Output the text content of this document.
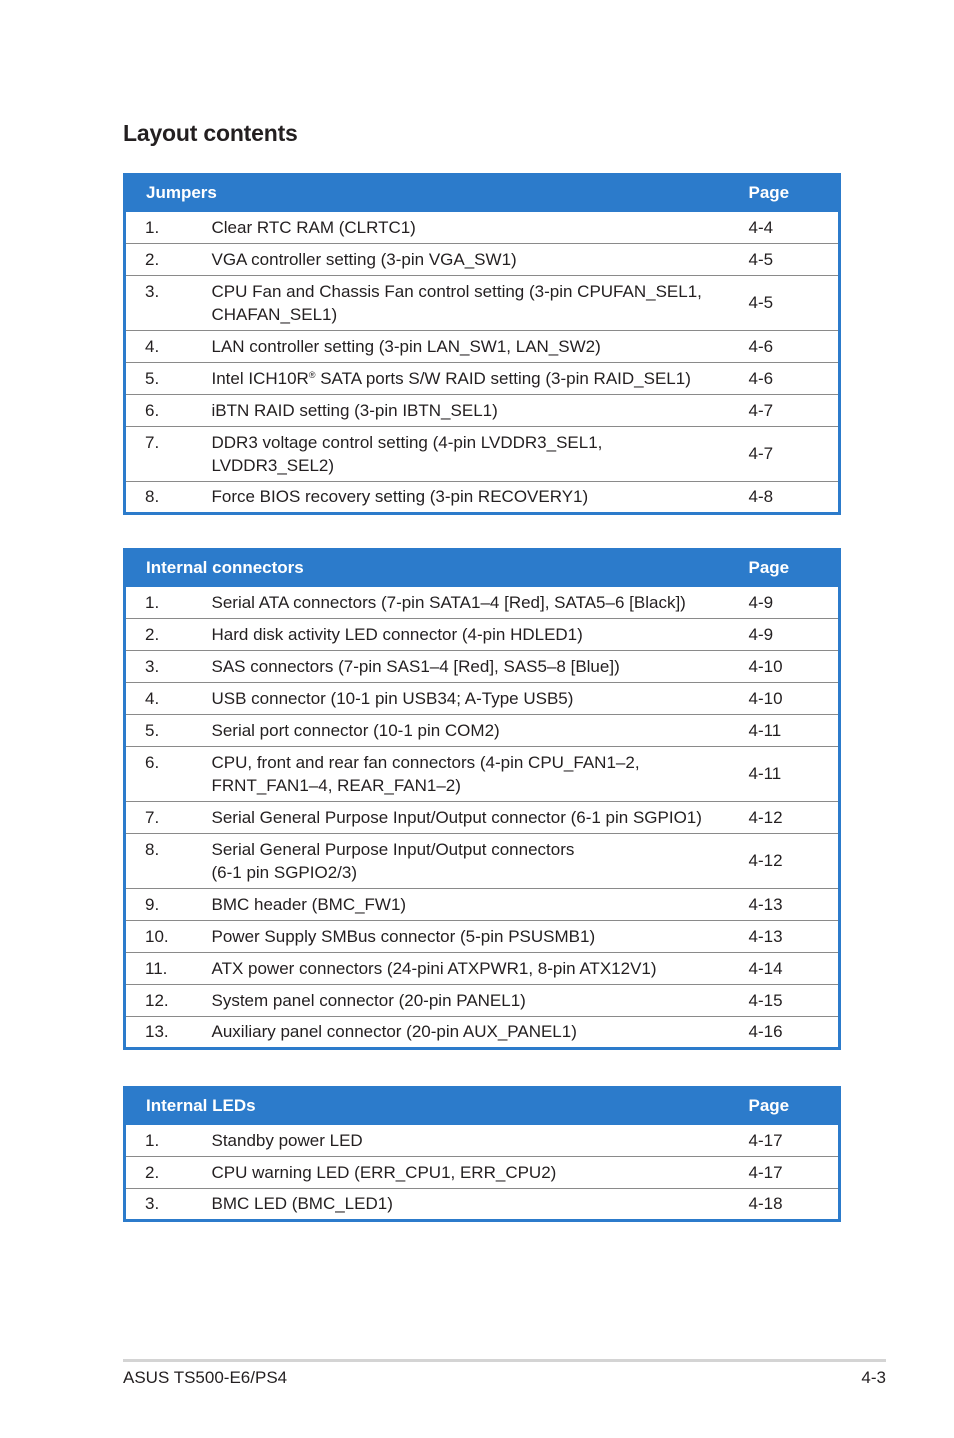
Layout contents
Jumpers		Page
1.	Clear RTC RAM (CLRTC1)	4-4
2.	VGA controller setting (3-pin VGA_SW1)	4-5
3.	CPU Fan and Chassis Fan control setting (3-pin CPUFAN_SEL1,
CHAFAN_SEL1)	4-5
4.	LAN controller setting (3-pin LAN_SW1, LAN_SW2)	4-6
5.	Intel ICH10R® SATA ports S/W RAID setting (3-pin RAID_SEL1)	4-6
6.	iBTN RAID setting (3-pin IBTN_SEL1)	4-7
7.	DDR3 voltage control setting (4-pin LVDDR3_SEL1,
LVDDR3_SEL2)	4-7
8.	Force BIOS recovery setting (3-pin RECOVERY1)	4-8
Internal connectors		Page
1.	Serial ATA connectors (7-pin SATA1–4 [Red], SATA5–6 [Black])	4-9
2.	Hard disk activity LED connector (4-pin HDLED1)	4-9
3.	SAS connectors (7-pin SAS1–4 [Red], SAS5–8 [Blue])	4-10
4.	USB connector (10-1 pin USB34; A-Type USB5)	4-10
5.	Serial port connector (10-1 pin COM2)	4-11
6.	CPU, front and rear fan connectors (4-pin CPU_FAN1–2,
FRNT_FAN1–4, REAR_FAN1–2)	4-11
7.	Serial General Purpose Input/Output connector (6-1 pin SGPIO1)	4-12
8.	Serial General Purpose Input/Output connectors
(6-1 pin SGPIO2/3)	4-12
9.	BMC header (BMC_FW1)	4-13
10.	Power Supply SMBus connector (5-pin PSUSMB1)	4-13
11.	ATX power connectors (24-pini ATXPWR1, 8-pin ATX12V1)	4-14
12.	System panel connector (20-pin PANEL1)	4-15
13.	Auxiliary panel connector (20-pin AUX_PANEL1)	4-16
Internal LEDs		Page
1.	Standby power LED	4-17
2.	CPU warning LED (ERR_CPU1, ERR_CPU2)	4-17
3.	BMC LED (BMC_LED1)	4-18
ASUS TS500-E6/PS4	4-3
